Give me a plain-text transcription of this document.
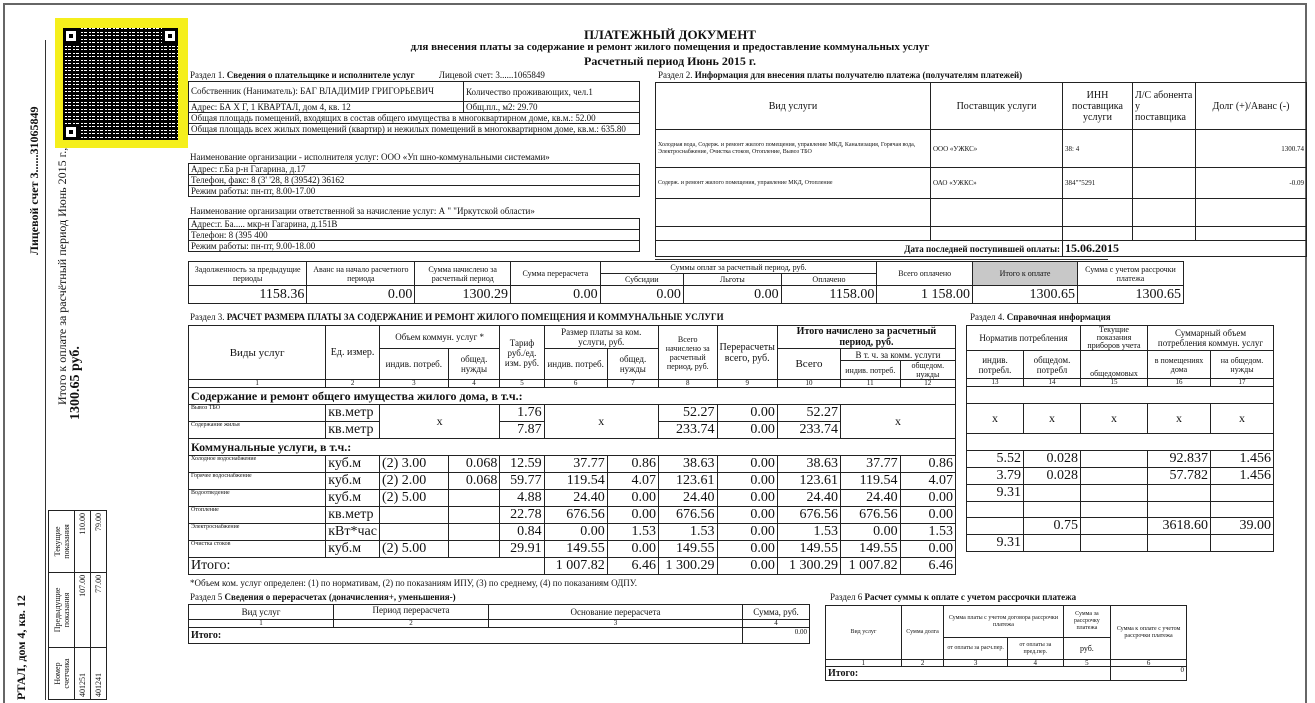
Лицевой счет 3......31065849 Итого к оплате за расчётный период Июнь 2015 г., 1300.65 руб.
РТАЛ, дом 4, кв. 12	Номер счетчика	Предыдущие показания	Текущие показания
401251	107.00	110.00
401241	77.00	79.00
ПЛАТЕЖНЫЙ ДОКУМЕНТ
для внесения платы за содержание и ремонт жилого помещения и предоставление коммунальных услуг
Расчетный период Июнь 2015 г.
Раздел 1. Сведения о плательщике и исполнителе услуг	Лицевой счет: 3......1065849
Собственник (Наниматель): БАГ ВЛАДИМИР ГРИГОРЬЕВИЧ	Количество проживающих, чел.1
Адрес: БА Х Г, 1 КВАРТАЛ, дом 4, кв. 12	Общ.пл., м2: 29.70
Общая площадь помещений, входящих в состав общего имущества в многоквартирном доме, кв.м.: 52.00	
Общая площадь всех жилых помещений (квартир) и нежилых помещений в многоквартирном доме, кв.м.: 635.80	
Наименование организации - исполнителя услуг: ООО «Уп шно-коммунальными системами»
Адрес: г.Ба р-н Гагарина, д.17
Телефон, факс: 8 (3' '28, 8 (39542) 36162
Режим работы: пн-пт, 8.00-17.00
Наименование организации ответственной за начисление услуг: А " "Иркутской области»
Адрес:г. Ба..... мкр-н Гагарина, д.151В
Телефон: 8 (395 400
Режим работы: пн-пт, 9.00-18.00
Раздел 2. Информация для внесения платы получателю платежа (получателям платежей)
Вид услуги	Поставщик услуги	ИНН поставщика услуги	Л/С абонента у поставщика	Долг (+)/Аванс (-)
Холодная вода, Содерж. и ремонт жилого помещения, управление МКД, Канализация, Горячая вода, Электроснабжение, Очистка стоков, Отопление, Вывоз ТБО	ООО «УЖКС»	38: 4		1300.74
Содерж. и ремонт жилого помещения, управление МКД, Отопление	ОАО «УЖКС»	384""5291		-0.09

Дата последней поступившей оплаты:		15.06.2015		
Задолженность за предыдущие периоды	Аванс на начало расчетного периода	Сумма начислено за расчетный период	Сумма перерасчета	Суммы оплат за расчетный период, руб.			Всего оплачено	Итого к оплате	Сумма с учетом рассрочки платежа
				Субсидии	Льготы	Оплачено			
1158.36	0.00	1300.29	0.00	0.00	0.00	1158.00	1 158.00	1300.65	1300.65
Раздел 3. РАСЧЕТ РАЗМЕРА ПЛАТЫ ЗА СОДЕРЖАНИЕ И РЕМОНТ ЖИЛОГО ПОМЕЩЕНИЯ И КОММУНАЛЬНЫЕ УСЛУГИ
Виды услуг	Ед. измер.	Объем коммун. услуг *		Тариф руб./ед. изм. руб.	Размер платы за ком. услуги, руб.		Всего начислено за расчетный период, руб.	Перерасчеты всего, руб.	Итого начислено за расчетный период, руб.		
		индив. потреб.	общед. нужды		индив. потреб.	общед. нужды			Всего	В т. ч. за комм. услуги	
										индив. потреб.	общедом. нужды
1	2	3	4	5	6	7	8	9	10	11	12
Содержание и ремонт общего имущества жилого дома, в т.ч.:											
Вывоз ТБО	кв.метр	x		1.76	x		52.27	0.00	52.27	x	
Содержание жилья	кв.метр			7.87			233.74	0.00	233.74		
Коммунальные услуги, в т.ч.:											
Холодное водоснабжение	куб.м	(2) 3.00	0.068	12.59	37.77	0.86	38.63	0.00	38.63	37.77	0.86
Горячее водоснабжение	куб.м	(2) 2.00	0.068	59.77	119.54	4.07	123.61	0.00	123.61	119.54	4.07
Водоотведение	куб.м	(2) 5.00		4.88	24.40	0.00	24.40	0.00	24.40	24.40	0.00
Отопление	кв.метр			22.78	676.56	0.00	676.56	0.00	676.56	676.56	0.00
Электроснабжение	кВт*час			0.84	0.00	1.53	1.53	0.00	1.53	0.00	1.53
Очистка стоков	куб.м	(2) 5.00		29.91	149.55	0.00	149.55	0.00	149.55	149.55	0.00
Итого:					1 007.82	6.46	1 300.29	0.00	1 300.29	1 007.82	6.46
*Объем ком. услуг определен: (1) по нормативам, (2) по показаниям ИПУ, (3) по среднему, (4) по показаниям ОДПУ.
Раздел 4. Справочная информация
Норматив потребления		Текущие показания приборов учета	Суммарный объем потребления коммун. услуг	
индив. потребл.	общедом. потребл	общедомовых	в помещениях дома	на общедом. нужды
13	14	15	16	17

x	x	x	x	x

5.52	0.028		92.837	1.456
3.79	0.028		57.782	1.456
9.31				

	0.75		3618.60	39.00
9.31				
Раздел 5 Сведения о перерасчетах (доначисления+, уменьшения-)
Вид услуг	Период перерасчета	Основание перерасчета	Сумма, руб.
1	2	3	4
Итого:			0.00
Раздел 6 Расчет суммы к оплате с учетом рассрочки платежа
Вид услуг	Сумма долга	Сумма платы с учетом договора рассрочки платежа		Сумма за рассрочку платежа	Сумма к оплате с учетом рассрочки платежа
		от оплаты за расч.пер.	от оплаты за пред.пер.	руб.	
1	2	3	4	5	6
Итого:					0
